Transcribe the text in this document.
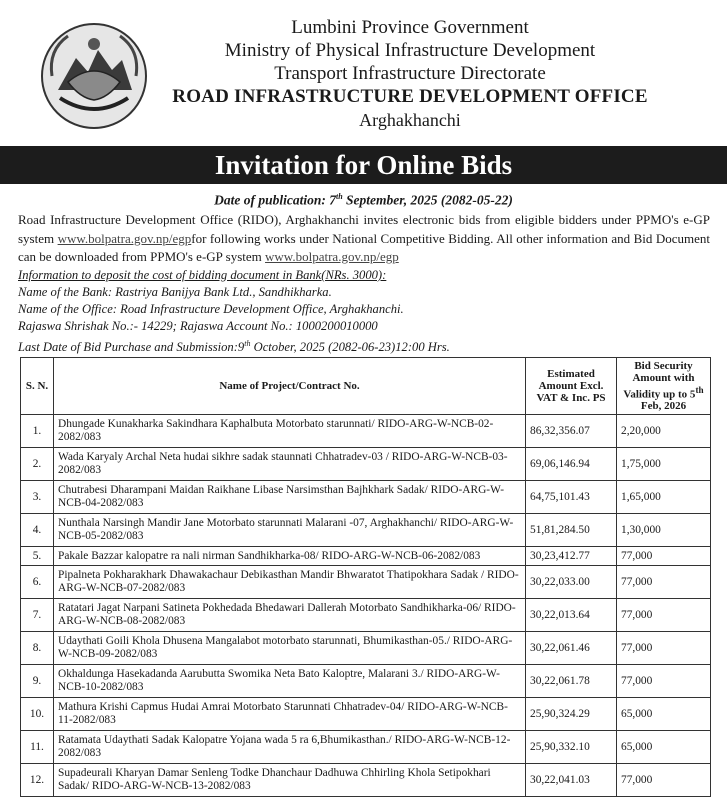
Lumbini Province Government
Ministry of Physical Infrastructure Development
Transport Infrastructure Directorate
ROAD INFRASTRUCTURE DEVELOPMENT OFFICE
Arghakhanchi
Invitation for Online Bids
Date of publication: 7th September, 2025 (2082-05-22)
Road Infrastructure Development Office (RIDO), Arghakhanchi invites electronic bids from eligible bidders under PPMO's e-GP system www.bolpatra.gov.np/egpfor following works under National Competitive Bidding. All other information and Bid Document can be downloaded from PPMO's e-GP system www.bolpatra.gov.np/egp
Information to deposit the cost of bidding document in Bank(NRs. 3000):
Name of the Bank: Rastriya Banijya Bank Ltd., Sandhikharka.
Name of the Office: Road Infrastructure Development Office, Arghakhanchi.
Rajaswa Shrishak No.:- 14229; Rajaswa Account No.: 1000200010000
Last Date of Bid Purchase and Submission:9th October, 2025 (2082-06-23)12:00 Hrs.
S. N.	Name of Project/Contract No.	Estimated Amount Excl. VAT & Inc. PS	Bid Security Amount with Validity up to 5th Feb, 2026
1.	Dhungade Kunakharka Sakindhara Kaphalbuta Motorbato starunnati/ RIDO-ARG-W-NCB-02-2082/083	86,32,356.07	2,20,000
2.	Wada Karyaly Archal Neta hudai sikhre sadak staunnati Chhatradev-03 / RIDO-ARG-W-NCB-03-2082/083	69,06,146.94	1,75,000
3.	Chutrabesi Dharampani Maidan Raikhane Libase Narsimsthan Bajhkhark Sadak/ RIDO-ARG-W-NCB-04-2082/083	64,75,101.43	1,65,000
4.	Nunthala Narsingh Mandir Jane Motorbato starunnati Malarani -07, Arghakhanchi/ RIDO-ARG-W-NCB-05-2082/083	51,81,284.50	1,30,000
5.	Pakale Bazzar kalopatre ra nali nirman Sandhikharka-08/ RIDO-ARG-W-NCB-06-2082/083	30,23,412.77	77,000
6.	Pipalneta Pokharakhark Dhawakachaur Debikasthan Mandir Bhwaratot Thatipokhara Sadak / RIDO-ARG-W-NCB-07-2082/083	30,22,033.00	77,000
7.	Ratatari Jagat Narpani Satineta Pokhedada Bhedawari Dallerah Motorbato Sandhikharka-06/ RIDO-ARG-W-NCB-08-2082/083	30,22,013.64	77,000
8.	Udaythati Goili Khola Dhusena Mangalabot motorbato starunnati, Bhumikasthan-05./ RIDO-ARG-W-NCB-09-2082/083	30,22,061.46	77,000
9.	Okhaldunga Hasekadanda Aarubutta Swomika Neta Bato Kaloptre, Malarani 3./ RIDO-ARG-W-NCB-10-2082/083	30,22,061.78	77,000
10.	Mathura Krishi Capmus Hudai Amrai Motorbato Starunnati Chhatradev-04/ RIDO-ARG-W-NCB-11-2082/083	25,90,324.29	65,000
11.	Ratamata Udaythati Sadak Kalopatre Yojana wada 5 ra 6,Bhumikasthan./ RIDO-ARG-W-NCB-12-2082/083	25,90,332.10	65,000
12.	Supadeurali Kharyan Damar Senleng Todke Dhanchaur Dadhuwa Chhirling Khola Setipokhari Sadak/ RIDO-ARG-W-NCB-13-2082/083	30,22,041.03	77,000
